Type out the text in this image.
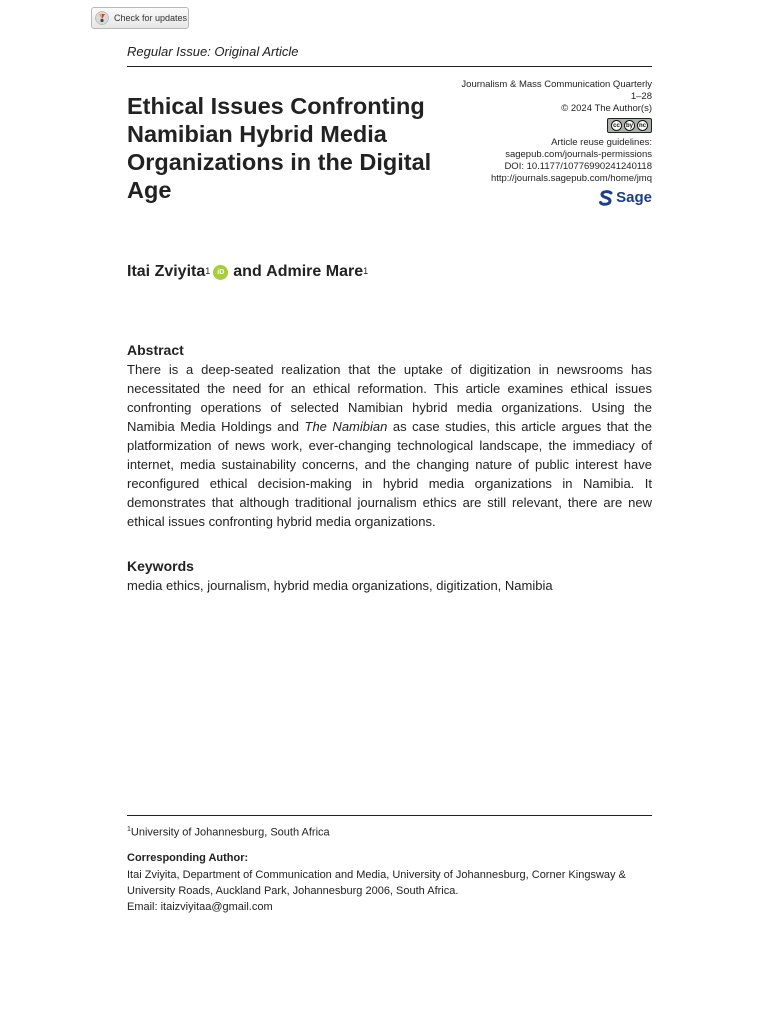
Check for updates
Regular Issue: Original Article
Ethical Issues Confronting Namibian Hybrid Media Organizations in the Digital Age
Journalism & Mass Communication Quarterly
1–28
© 2024 The Author(s)
cc	by nc
Article reuse guidelines:
sagepub.com/journals-permissions
DOI: 10.1177/10776990241240118
http://journals.sagepub.com/home/jmq
Sage
Itai Zviyita$^1$	iD and
Admire Mare$^1$
Abstract

There is a deep-seated realization that the uptake of digitization in newsrooms has necessitated the need for an ethical reformation. This article examines ethical issues confronting operations of selected Namibian hybrid media organizations. Using the Namibia Media Holdings and The Namibian as case studies, this article argues that the platformization of news work, ever-changing technological landscape, the immediacy of internet, media sustainability concerns, and the changing nature of public interest have reconfigured ethical decision-making in hybrid media organizations in Namibia. It demonstrates that although traditional journalism ethics are still relevant, there are new ethical issues confronting hybrid media organizations.

Keywords

media ethics, journalism, hybrid media organizations, digitization, Namibia

$^1$University of Johannesburg, South Africa
Corresponding Author:
Itai Zviyita, Department of Communication and Media, University of Johannesburg, Corner Kingsway &
University Roads, Auckland Park, Johannesburg 2006, South Africa.
Email: itaizviyitaa@gmail.com
